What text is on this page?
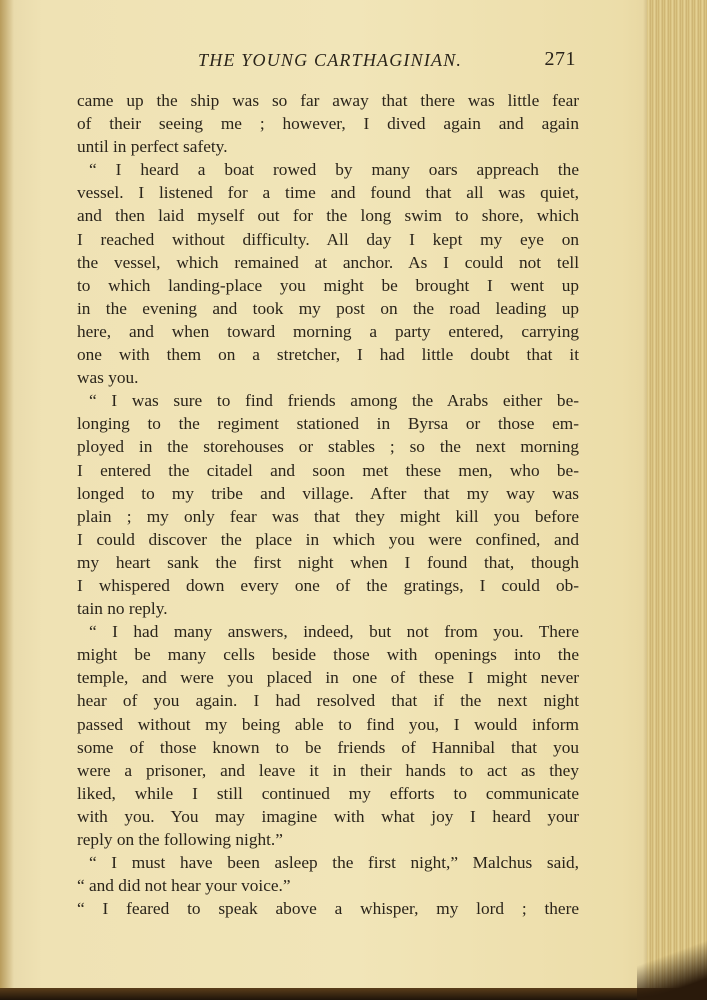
THE YOUNG CARTHAGINIAN.	271
came up the ship was so far away that there was little fear
of their seeing me ; however, I dived again and again
until in perfect safety.
“ I heard a boat rowed by many oars appreach the
vessel. I listened for a time and found that all was quiet,
and then laid myself out for the long swim to shore, which
I reached without difficulty. All day I kept my eye on
the vessel, which remained at anchor. As I could not tell
to which landing-place you might be brought I went up
in the evening and took my post on the road leading up
here, and when toward morning a party entered, carrying
one with them on a stretcher, I had little doubt that it
was you.
“ I was sure to find friends among the Arabs either be-
longing to the regiment stationed in Byrsa or those em-
ployed in the storehouses or stables ; so the next morning
I entered the citadel and soon met these men, who be-
longed to my tribe and village. After that my way was
plain ; my only fear was that they might kill you before
I could discover the place in which you were confined, and
my heart sank the first night when I found that, though
I whispered down every one of the gratings, I could ob-
tain no reply.
“ I had many answers, indeed, but not from you. There
might be many cells beside those with openings into the
temple, and were you placed in one of these I might never
hear of you again. I had resolved that if the next night
passed without my being able to find you, I would inform
some of those known to be friends of Hannibal that you
were a prisoner, and leave it in their hands to act as they
liked, while I still continued my efforts to communicate
with you. You may imagine with what joy I heard your
reply on the following night.”
“ I must have been asleep the first night,” Malchus said,
“ and did not hear your voice.”
“ I feared to speak above a whisper, my lord ; there
